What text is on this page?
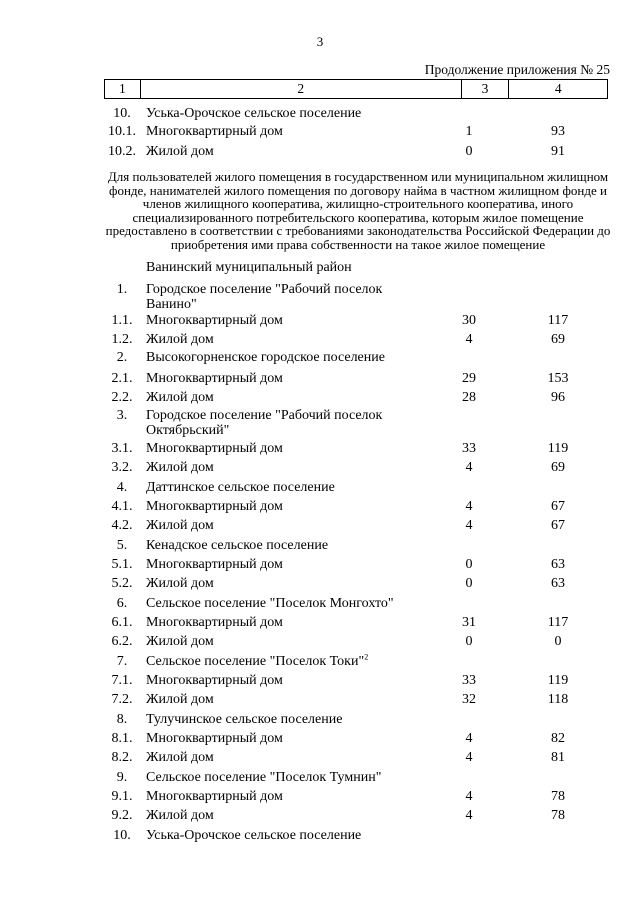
3
Продолжение приложения № 25
1	2	3	4
10.	Уська-Орочское сельское поселение
10.1. Многоквартирный дом	1	93
10.2. Жилой дом	0	91
Для пользователей жилого помещения в государственном или муниципальном жилищном фонде, нанимателей жилого помещения по договору найма в частном жилищном фонде и членов жилищного кооператива, жилищно-строительного кооператива, иного специализированного потребительского кооператива, которым жилое помещение предоставлено в соответствии с требованиями законодательства Российской Федерации до приобретения ими права собственности на такое жилое помещение
Ванинский муниципальный район
1.	Городское поселение "Рабочий поселок Ванино"
1.1. Многоквартирный дом	30	117
1.2. Жилой дом	4	69
2.	Высокогорненское городское поселение
2.1. Многоквартирный дом	29	153
2.2. Жилой дом	28	96
3.	Городское поселение "Рабочий поселок Октябрьский"
3.1. Многоквартирный дом	33	119
3.2. Жилой дом	4	69
4.	Даттинское сельское поселение
4.1. Многоквартирный дом	4	67
4.2. Жилой дом	4	67
5.	Кенадское сельское поселение
5.1. Многоквартирный дом	0	63
5.2. Жилой дом	0	63
6.	Сельское поселение "Поселок Монгохто"
6.1. Многоквартирный дом	31	117
6.2. Жилой дом	0	0
7.	Сельское поселение "Поселок Токи"$^2$
7.1. Многоквартирный дом	33	119
7.2. Жилой дом	32	118
8.	Тулучинское сельское поселение
8.1. Многоквартирный дом	4	82
8.2. Жилой дом	4	81
9.	Сельское поселение "Поселок Тумнин"
9.1. Многоквартирный дом	4	78
9.2. Жилой дом	4	78
10.	Уська-Орочское сельское поселение
